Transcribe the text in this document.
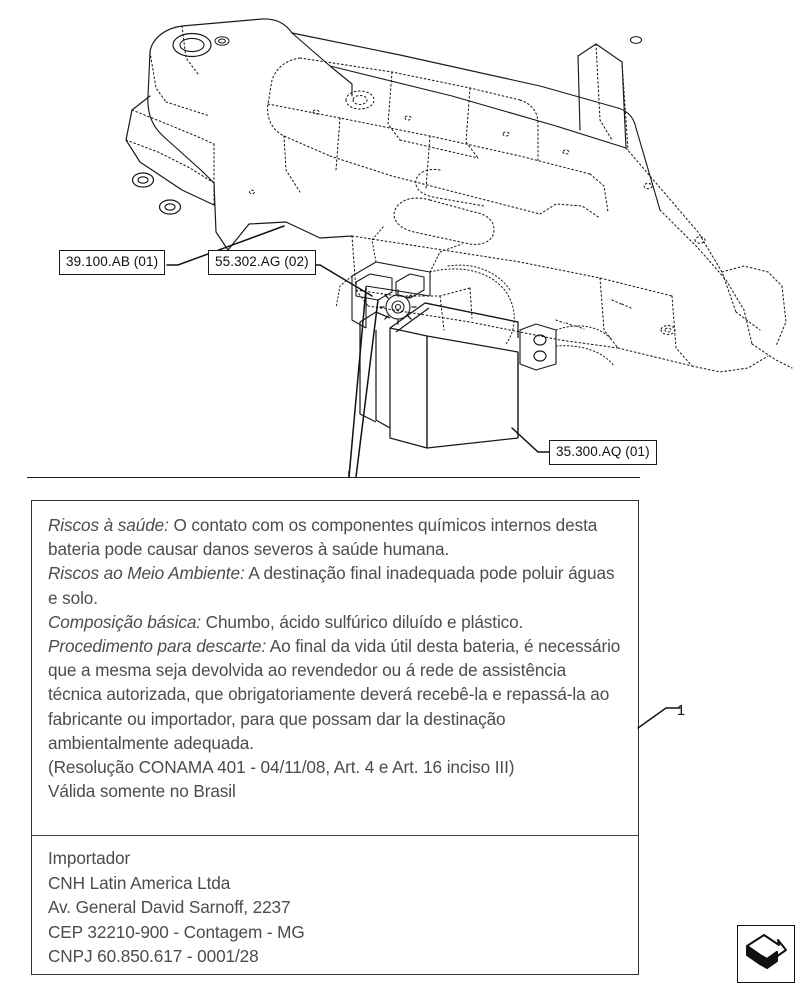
39.100.AB (01)	55.302.AG (02)
35.300.AQ (01)

Riscos à saúde: O contato com os componentes químicos internos desta bateria pode causar danos severos à saúde humana.

Riscos ao Meio Ambiente: A destinação final inadequada pode poluir águas e solo.

Composição básica: Chumbo, ácido sulfúrico diluído e plástico.

Procedimento para descarte: Ao final da vida útil desta bateria, é necessário que a mesma seja devolvida ao revendedor ou á rede de assistência técnica autorizada, que obrigatoriamente deverá recebê-la e repassá-la ao fabricante ou importador, para que possam dar la destinação ambientalmente adequada.

(Resolução CONAMA 401 - 04/11/08, Art. 4 e Art. 16 inciso III)

Válida somente no Brasil

Importador

CNH Latin America Ltda

Av. General David Sarnoff, 2237

CEP 32210-900 - Contagem - MG

CNPJ 60.850.617 - 0001/28

1
